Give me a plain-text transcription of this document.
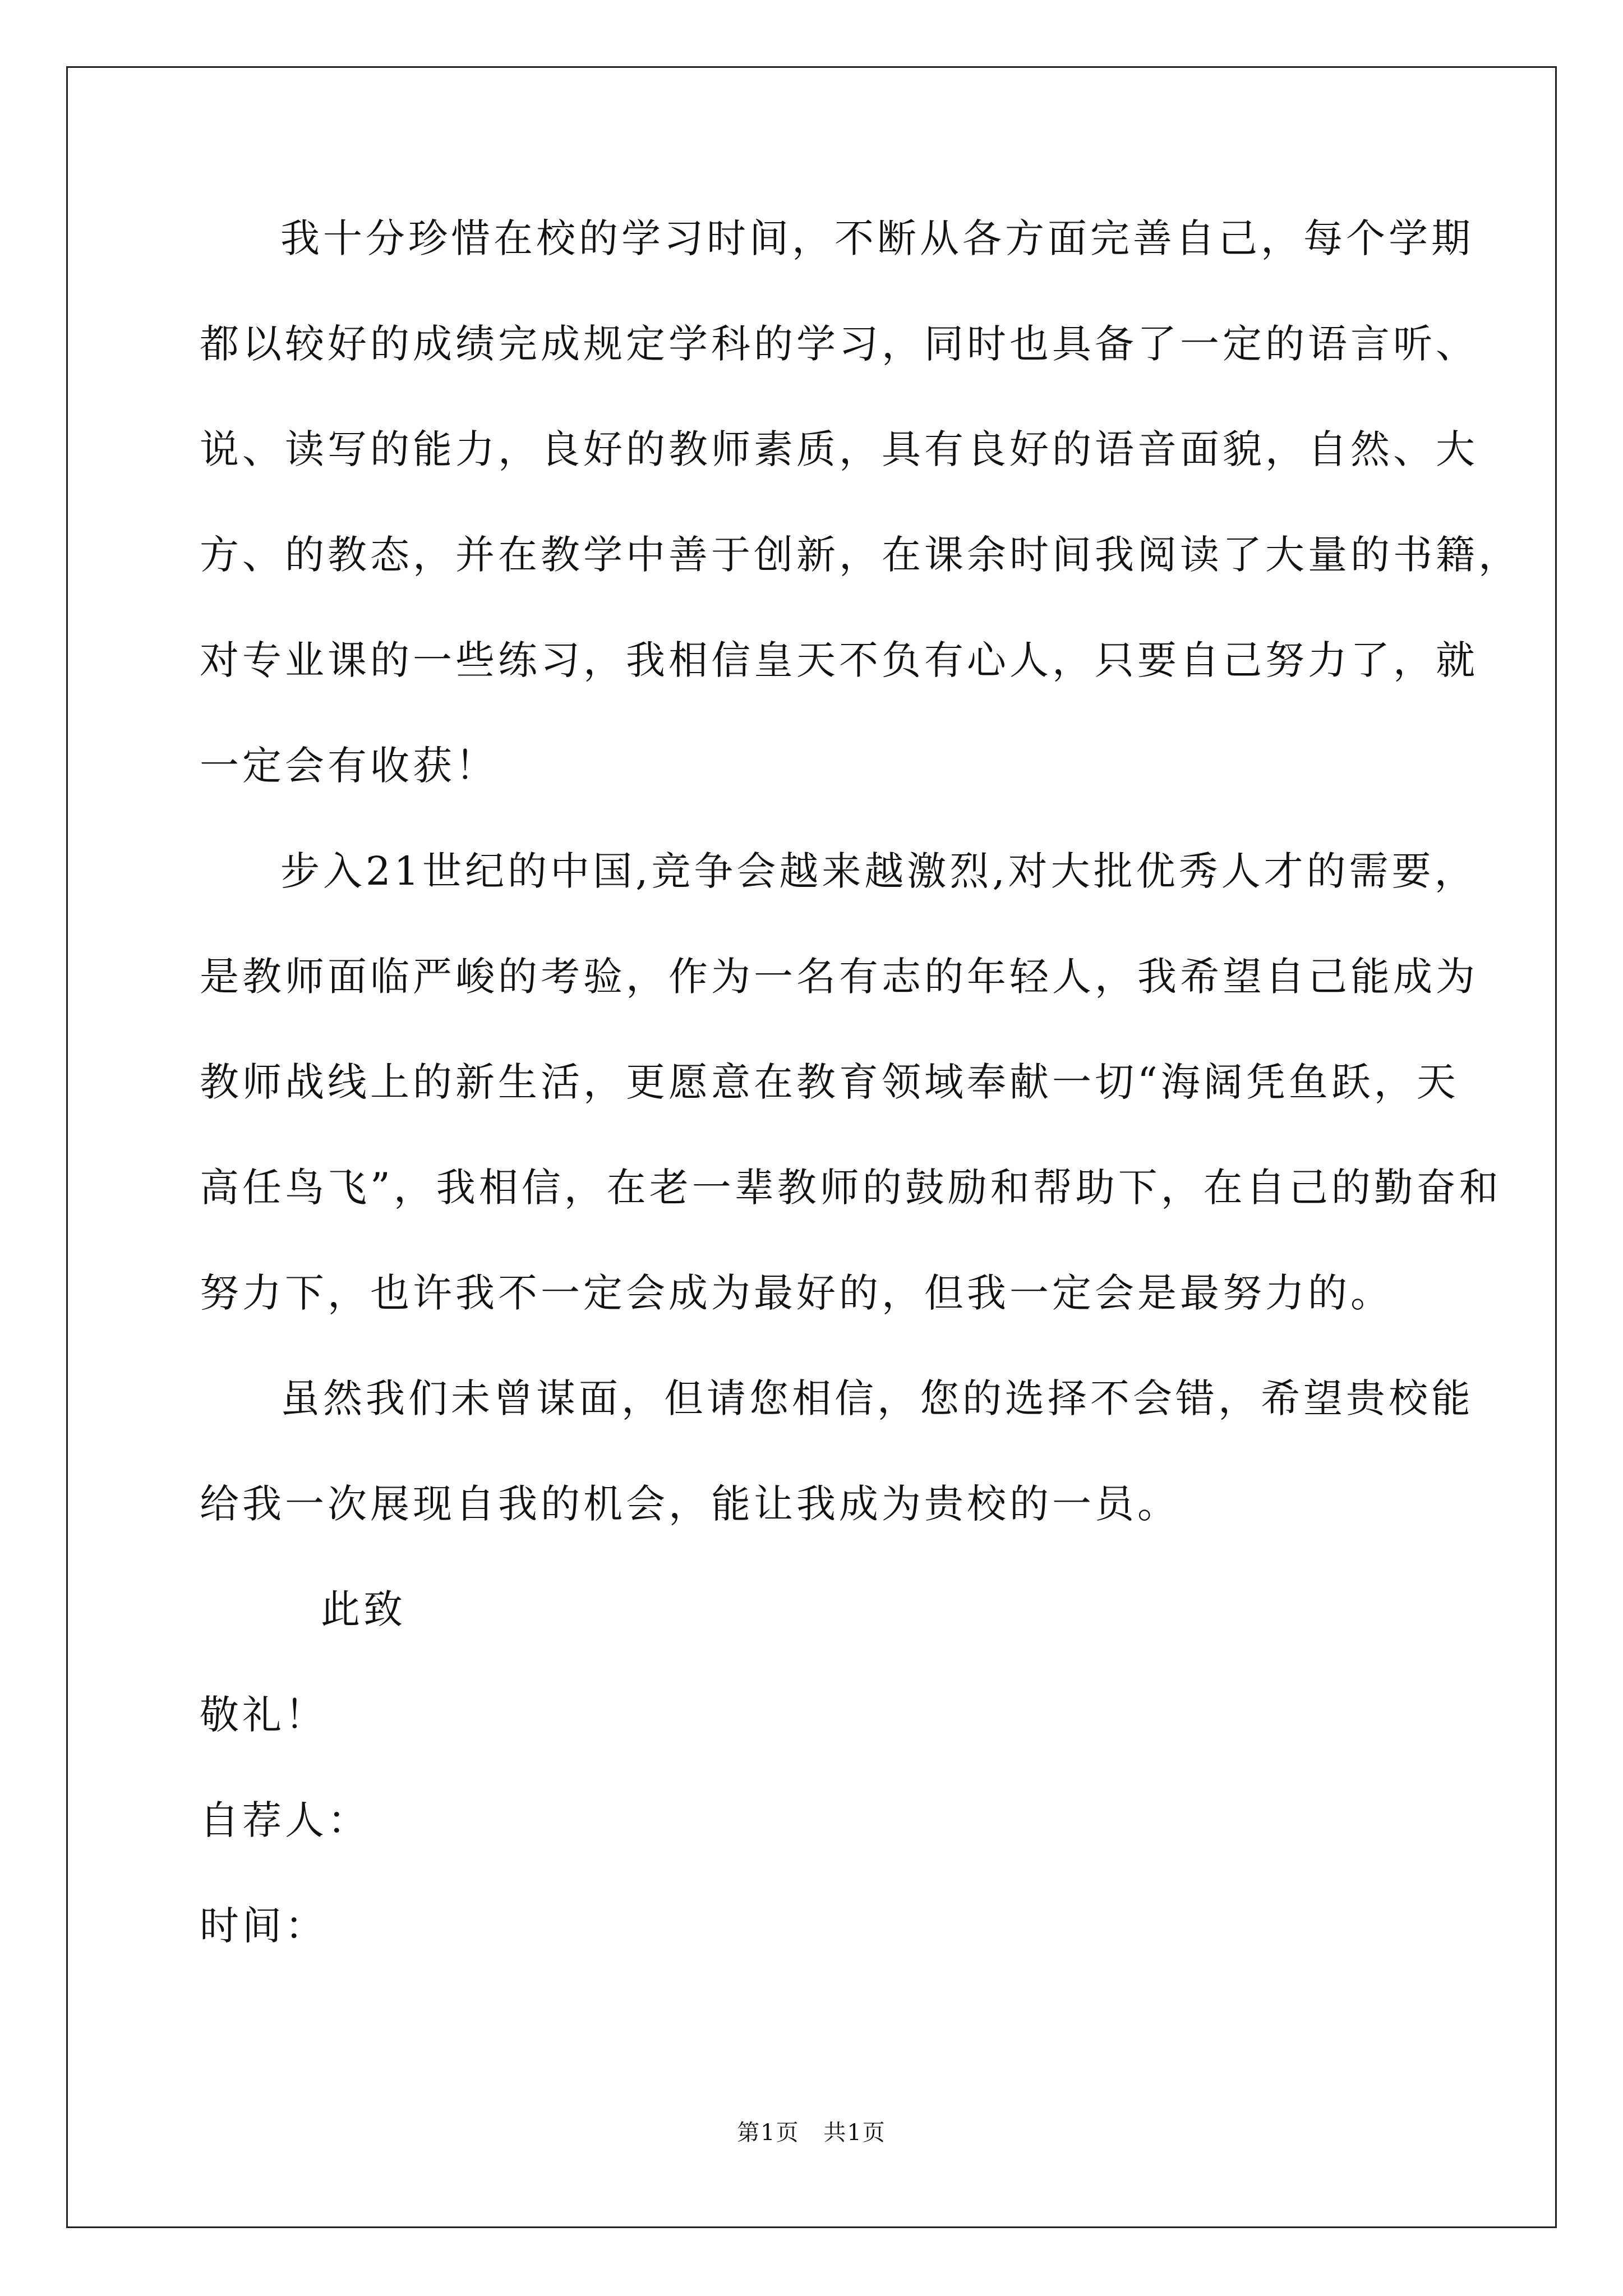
我十分珍惜在校的学习时间，不断从各方面完善自己，每个学期
都以较好的成绩完成规定学科的学习，同时也具备了一定的语言听、
说、读写的能力，良好的教师素质，具有良好的语音面貌，自然、大
方、的教态，并在教学中善于创新，在课余时间我阅读了大量的书籍，
对专业课的一些练习，我相信皇天不负有心人，只要自己努力了，就
一定会有收获！
步入21世纪的中国,竞争会越来越激烈,对大批优秀人才的需要，
是教师面临严峻的考验，作为一名有志的年轻人，我希望自己能成为
教师战线上的新生活，更愿意在教育领域奉献一切“海阔凭鱼跃，天
高任鸟飞”，我相信，在老一辈教师的鼓励和帮助下，在自己的勤奋和
努力下，也许我不一定会成为最好的，但我一定会是最努力的。
虽然我们未曾谋面，但请您相信，您的选择不会错，希望贵校能
给我一次展现自我的机会，能让我成为贵校的一员。
此致
敬礼！
自荐人：
时间：
第1页 共1页
